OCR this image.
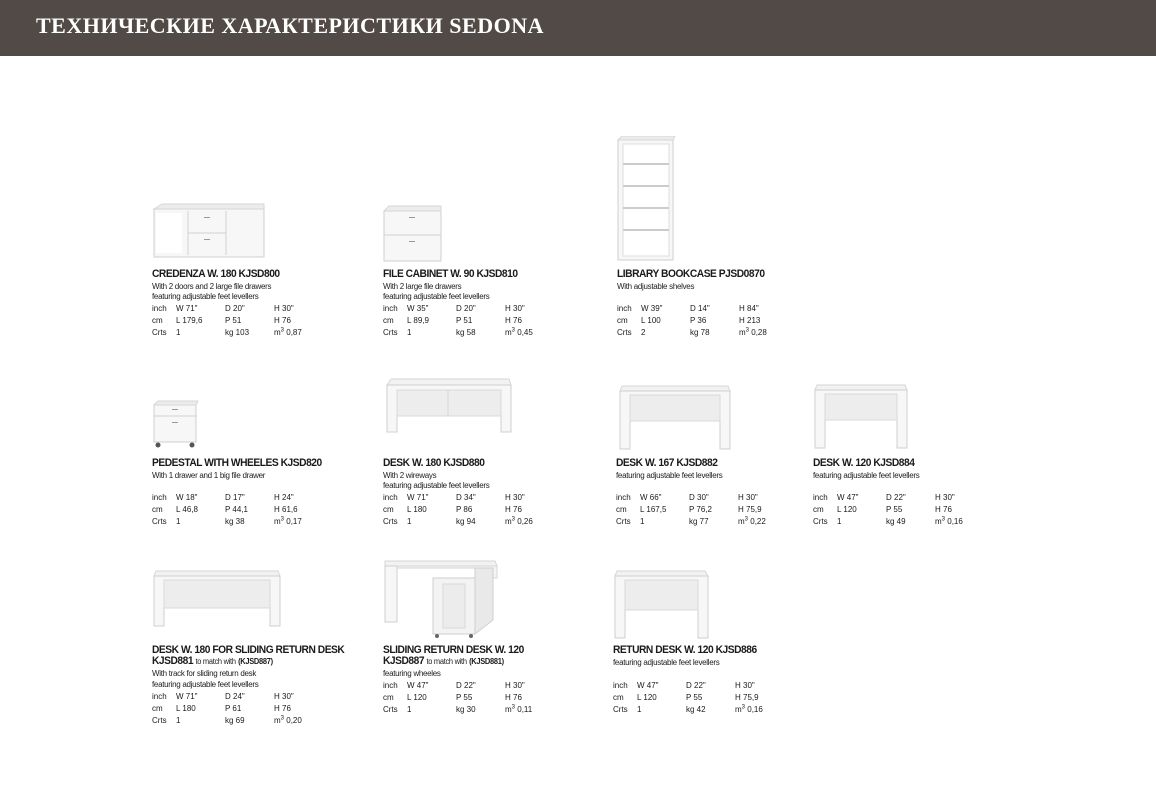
ТЕХНИЧЕСКИЕ ХАРАКТЕРИСТИКИ SEDONA
CREDENZA W. 180 KJSD800
With 2 doors and 2 large file drawers
featuring adjustable feet levellers
inch W 71"	D 20"	H 30"
cm L 179,6	P 51	H 76
Crts 1	kg 103	$m^3$ 0,87
FILE CABINET W. 90 KJSD810
With 2 large file drawers
featuring adjustable feet levellers
inch W 35"	D 20"	H 30"
cm L 89,9	P 51	H 76
Crts 1	kg 58	$m^3$ 0,45
LIBRARY BOOKCASE PJSD0870
With adjustable shelves
inch W 39"	D 14"	H 84"
cm L 100	P 36	H 213
Crts 2	kg 78	$m^3$ 0,28
PEDESTAL WITH WHEELES KJSD820
With 1 drawer and 1 big file drawer
inch W 18"	D 17"	H 24"
cm L 46,8	P 44,1	H 61,6
Crts 1	kg 38	$m^3$ 0,17
DESK W. 180 KJSD880
With 2 wireways
featuring adjustable feet levellers
inch W 71"	D 34"	H 30"
cm L 180	P 86	H 76
Crts 1	kg 94	$m^3$ 0,26
DESK W. 167 KJSD882
featuring adjustable feet levellers
inch W 66"	D 30"	H 30"
cm L 167,5	P 76,2	H 75,9
Crts 1	kg 77	$m^3$ 0,22
DESK W. 120 KJSD884
featuring adjustable feet levellers
inch W 47"	D 22"	H 30"
cm L 120	P 55	H 76
Crts 1	kg 49	$m^3$ 0,16
DESK W. 180 FOR SLIDING RETURN DESK
KJSD881 to match with (KJSD887)
With track for sliding return desk
featuring adjustable feet levellers
inch W 71"	D 24"	H 30"
cm L 180	P 61	H 76
Crts 1	kg 69	$m^3$ 0,20
SLIDING RETURN DESK W. 120
KJSD887 to match with (KJSD881)
featuring wheeles
inch W 47"	D 22"	H 30"
cm L 120	P 55	H 76
Crts 1	kg 30	$m^3$ 0,11
RETURN DESK W. 120 KJSD886
featuring adjustable feet levellers
inch W 47"	D 22"	H 30"
cm L 120	P 55	H 75,9
Crts 1	kg 42	$m^3$ 0,16
